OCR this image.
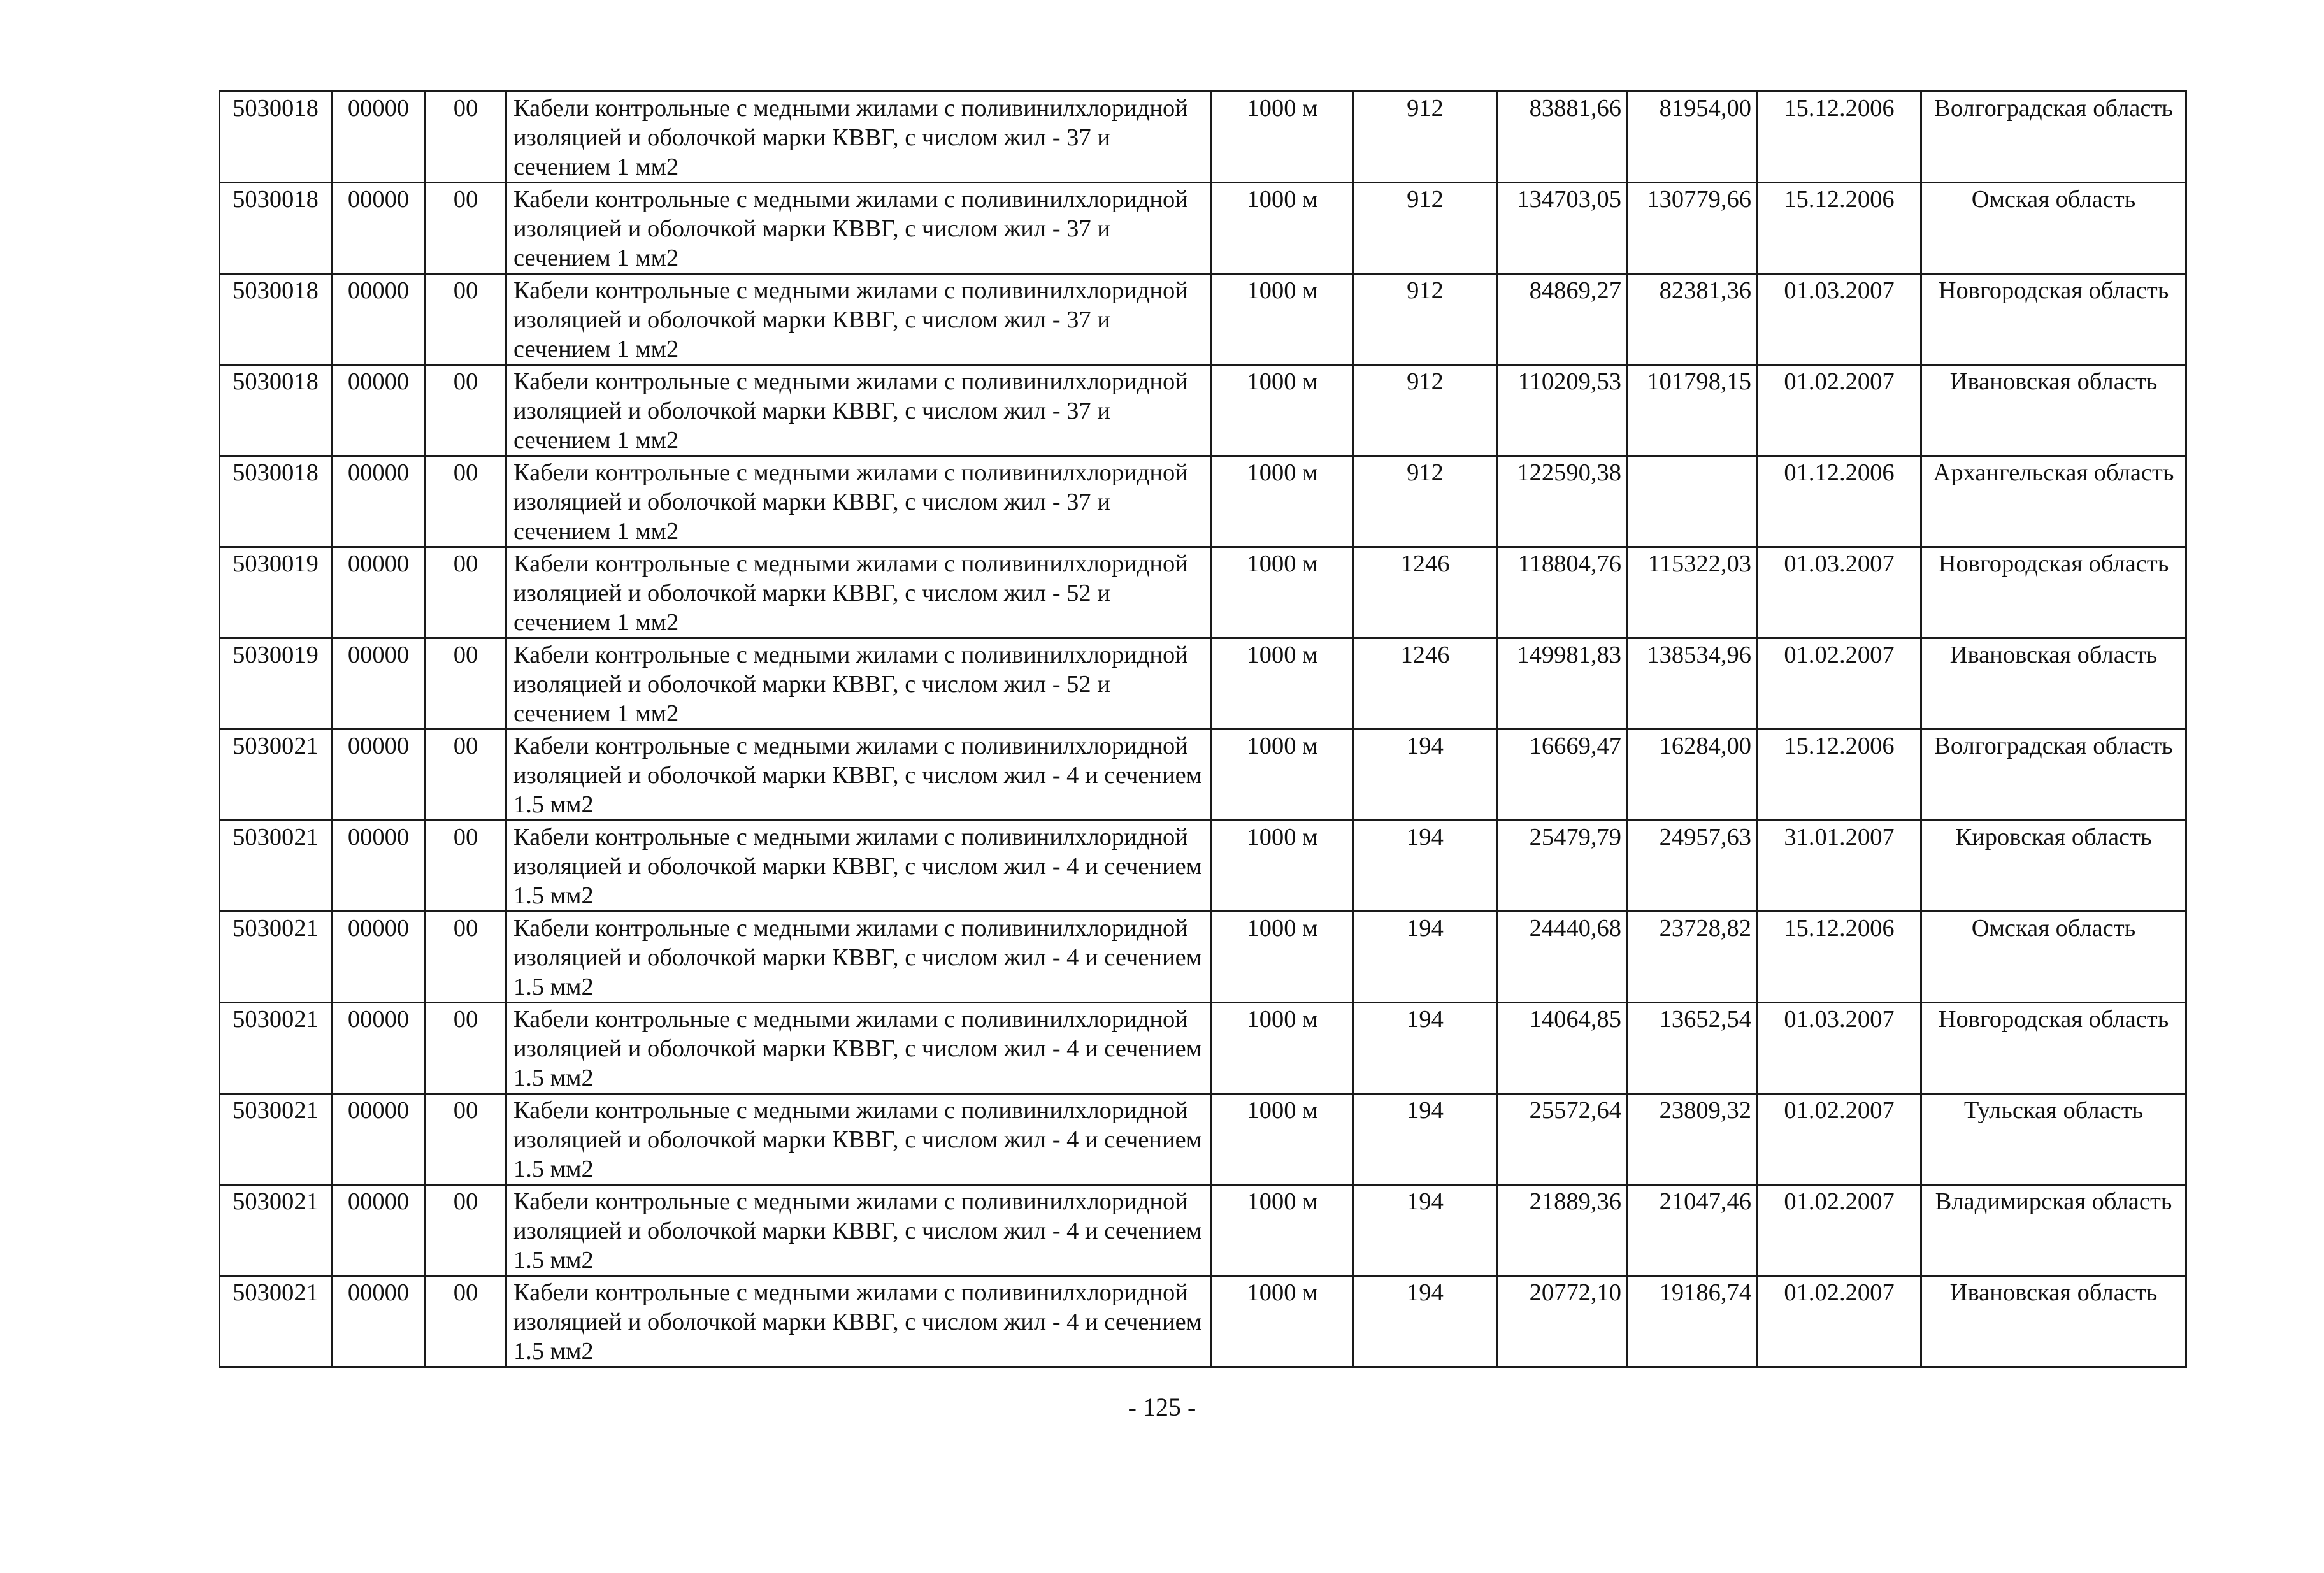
5030018	00000	00	Кабели контрольные с медными жилами с поливинилхлоридной изоляцией и оболочкой марки КВВГ, с числом жил - 37 и сечением 1 мм2	1000 м	912	83881,66	81954,00	15.12.2006	Волгоградская область
5030018	00000	00	Кабели контрольные с медными жилами с поливинилхлоридной изоляцией и оболочкой марки КВВГ, с числом жил - 37 и сечением 1 мм2	1000 м	912	134703,05	130779,66	15.12.2006	Омская область
5030018	00000	00	Кабели контрольные с медными жилами с поливинилхлоридной изоляцией и оболочкой марки КВВГ, с числом жил - 37 и сечением 1 мм2	1000 м	912	84869,27	82381,36	01.03.2007	Новгородская область
5030018	00000	00	Кабели контрольные с медными жилами с поливинилхлоридной изоляцией и оболочкой марки КВВГ, с числом жил - 37 и сечением 1 мм2	1000 м	912	110209,53	101798,15	01.02.2007	Ивановская область
5030018	00000	00	Кабели контрольные с медными жилами с поливинилхлоридной изоляцией и оболочкой марки КВВГ, с числом жил - 37 и сечением 1 мм2	1000 м	912	122590,38		01.12.2006	Архангельская область
5030019	00000	00	Кабели контрольные с медными жилами с поливинилхлоридной изоляцией и оболочкой марки КВВГ, с числом жил - 52 и сечением 1 мм2	1000 м	1246	118804,76	115322,03	01.03.2007	Новгородская область
5030019	00000	00	Кабели контрольные с медными жилами с поливинилхлоридной изоляцией и оболочкой марки КВВГ, с числом жил - 52 и сечением 1 мм2	1000 м	1246	149981,83	138534,96	01.02.2007	Ивановская область
5030021	00000	00	Кабели контрольные с медными жилами с поливинилхлоридной изоляцией и оболочкой марки КВВГ, с числом жил - 4 и сечением 1.5 мм2	1000 м	194	16669,47	16284,00	15.12.2006	Волгоградская область
5030021	00000	00	Кабели контрольные с медными жилами с поливинилхлоридной изоляцией и оболочкой марки КВВГ, с числом жил - 4 и сечением 1.5 мм2	1000 м	194	25479,79	24957,63	31.01.2007	Кировская область
5030021	00000	00	Кабели контрольные с медными жилами с поливинилхлоридной изоляцией и оболочкой марки КВВГ, с числом жил - 4 и сечением 1.5 мм2	1000 м	194	24440,68	23728,82	15.12.2006	Омская область
5030021	00000	00	Кабели контрольные с медными жилами с поливинилхлоридной изоляцией и оболочкой марки КВВГ, с числом жил - 4 и сечением 1.5 мм2	1000 м	194	14064,85	13652,54	01.03.2007	Новгородская область
5030021	00000	00	Кабели контрольные с медными жилами с поливинилхлоридной изоляцией и оболочкой марки КВВГ, с числом жил - 4 и сечением 1.5 мм2	1000 м	194	25572,64	23809,32	01.02.2007	Тульская область
5030021	00000	00	Кабели контрольные с медными жилами с поливинилхлоридной изоляцией и оболочкой марки КВВГ, с числом жил - 4 и сечением 1.5 мм2	1000 м	194	21889,36	21047,46	01.02.2007	Владимирская область
5030021	00000	00	Кабели контрольные с медными жилами с поливинилхлоридной изоляцией и оболочкой марки КВВГ, с числом жил - 4 и сечением 1.5 мм2	1000 м	194	20772,10	19186,74	01.02.2007	Ивановская область
- 125 -
